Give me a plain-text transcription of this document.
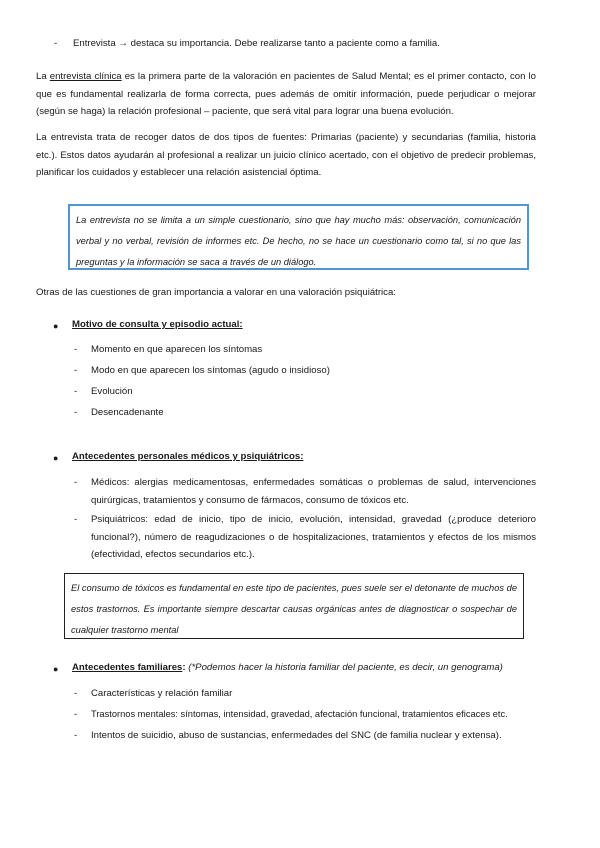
-	Entrevista → destaca su importancia. Debe realizarse tanto a paciente como a familia.

La entrevista clínica es la primera parte de la valoración en pacientes de Salud Mental; es el primer contacto, con lo que es fundamental realizarla de forma correcta, pues además de omitir información, puede perjudicar o mejorar (según se haga) la relación profesional – paciente, que será vital para lograr una buena evolución.

La entrevista trata de recoger datos de dos tipos de fuentes: Primarias (paciente) y secundarias (familia, historia etc.). Estos datos ayudarán al profesional a realizar un juicio clínico acertado, con el objetivo de predecir problemas, planificar los cuidados y establecer una relación asistencial óptima.

La entrevista no se limita a un simple cuestionario, sino que hay mucho más: observación, comunicación verbal y no verbal, revisión de informes etc. De hecho, no se hace un cuestionario como tal, si no que las preguntas y la información se saca a través de un diálogo.

Otras de las cuestiones de gran importancia a valorar en una valoración psiquiátrica:

● Motivo de consulta y episodio actual:

-	Momento en que aparecen los síntomas
-	Modo en que aparecen los síntomas (agudo o insidioso)
-	Evolución
-	Desencadenante
● Antecedentes personales médicos y psiquiátricos:

-	Médicos: alergias medicamentosas, enfermedades somáticas o problemas de salud, intervenciones quirúrgicas, tratamientos y consumo de fármacos, consumo de tóxicos etc.
-	Psiquiátricos: edad de inicio, tipo de inicio, evolución, intensidad, gravedad (¿produce deterioro funcional?), número de reagudizaciones o de hospitalizaciones, tratamientos y efectos de los mismos (efectividad, efectos secundarios etc.).
El consumo de tóxicos es fundamental en este tipo de pacientes, pues suele ser el detonante de muchos de estos trastornos. Es importante siempre descartar causas orgánicas antes de diagnosticar o sospechar de cualquier trastorno mental
● Antecedentes familiares: (*Podemos hacer la historia familiar del paciente, es decir, un genograma)

-	Características y relación familiar
-	Trastornos mentales: síntomas, intensidad, gravedad, afectación funcional, tratamientos eficaces etc.
-	Intentos de suicidio, abuso de sustancias, enfermedades del SNC (de familia nuclear y extensa).
